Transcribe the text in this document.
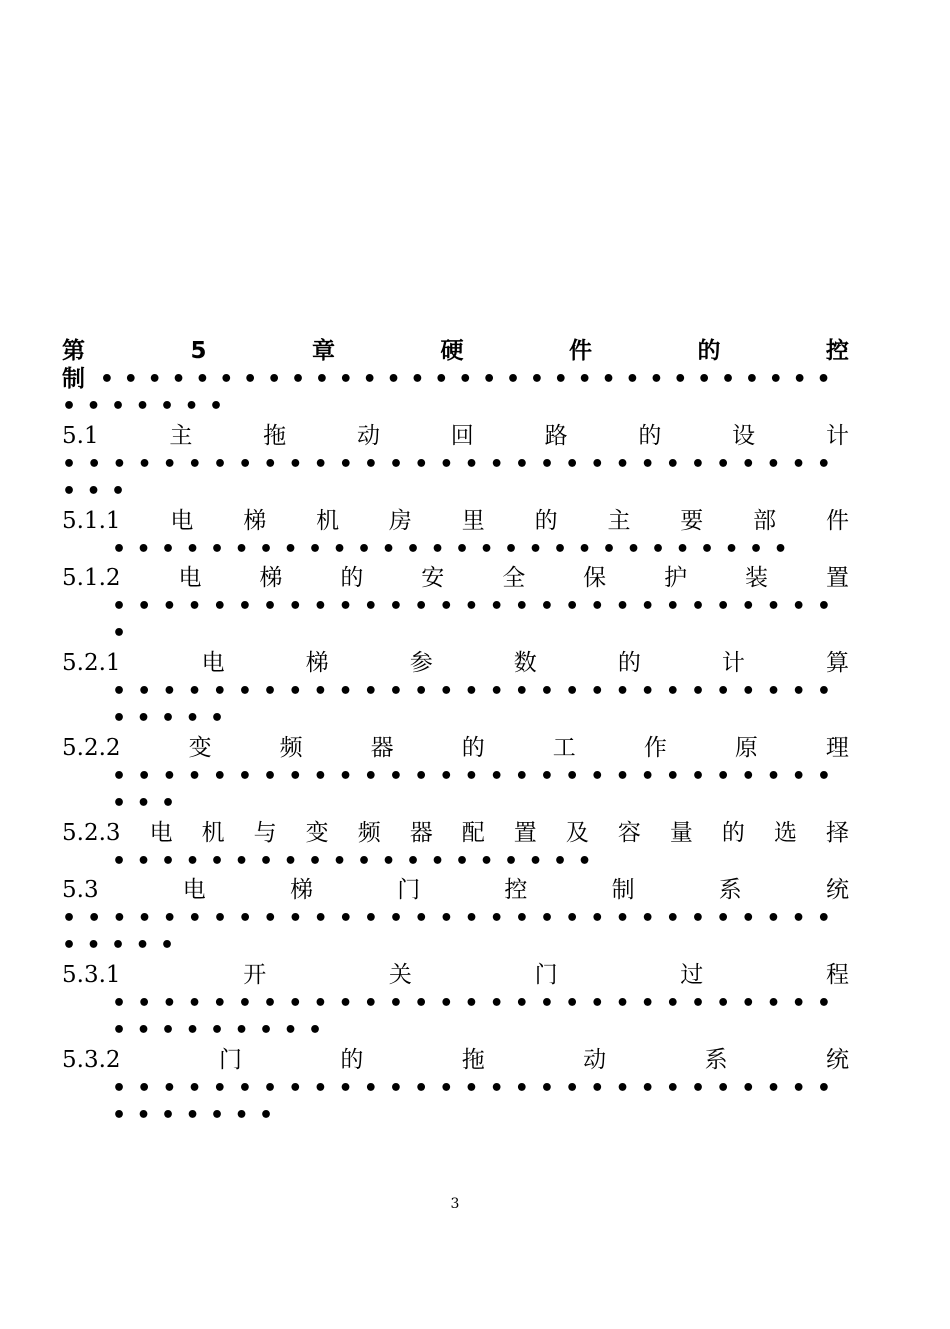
第	5	章	硬	件	的	控
制 • • • • • • • • • • • • • • • • • • • • • • • • • • • • • • •
• • • • • • •
5.1	主	拖	动	回	路	的	设	计
• • • • • • • • • • • • • • • • • • • • • • • • • • • • • • •
• • •
5.1.1 电 梯 机 房 里 的 主 要 部 件
• • • • • • • • • • • • • • • • • • • • • • • • • • • •
5.1.2	电	梯	的	安	全	保	护	装	置
• • • • • • • • • • • • • • • • • • • • • • • • • • • • •
•
5.2.1	电	梯	参	数	的	计	算
• • • • • • • • • • • • • • • • • • • • • • • • • • • • •
• • • • •
5.2.2	变	频	器	的	工	作	原	理
• • • • • • • • • • • • • • • • • • • • • • • • • • • • •
• • •
5.2.3 电 机 与 变 频 器 配 置 及 容 量 的 选 择
• • • • • • • • • • • • • • • • • • • •
5.3	电	梯	门	控	制	系	统
• • • • • • • • • • • • • • • • • • • • • • • • • • • • • • •
• • • • •
5.3.1	开	关	门	过	程
• • • • • • • • • • • • • • • • • • • • • • • • • • • • •
• • • • • • • • •
5.3.2	门	的	拖	动	系	统
• • • • • • • • • • • • • • • • • • • • • • • • • • • • •
• • • • • • •
3
